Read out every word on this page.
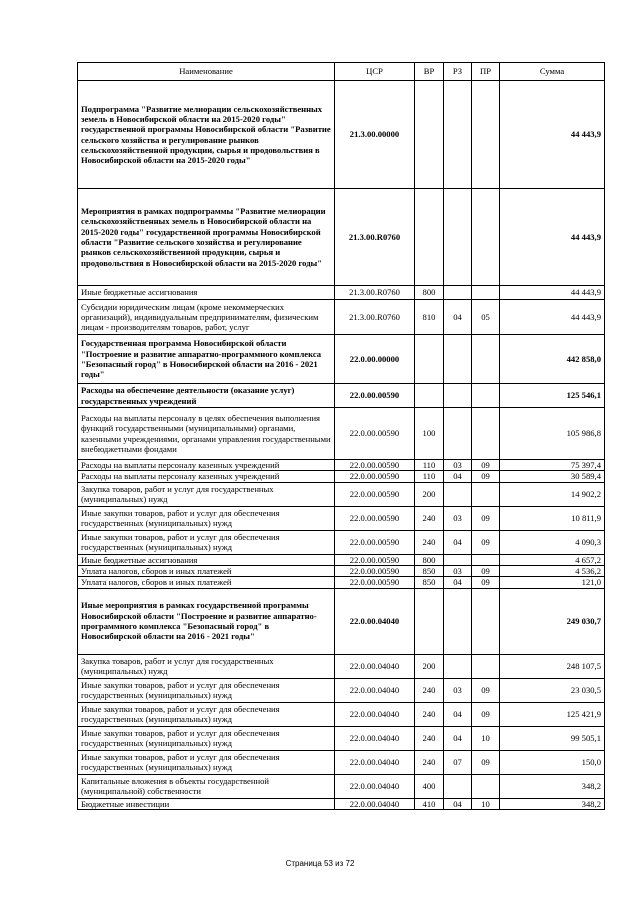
Наименование	ЦСР	ВР	РЗ	ПР	Сумма
Подпрограмма "Развитие мелиорации сельскохозяйственных земель в Новосибирской области на 2015-2020 годы" государственной программы Новосибирской области "Развитие сельского хозяйства и регулирование рынков сельскохозяйственной продукции, сырья и продовольствия в Новосибирской области на 2015-2020 годы"	21.3.00.00000				44 443,9
Мероприятия в рамках подпрограммы "Развитие мелиорации сельскохозяйственных земель в Новосибирской области на 2015-2020 годы" государственной программы Новосибирской области "Развитие сельского хозяйства и регулирование рынков сельскохозяйственной продукции, сырья и продовольствия в Новосибирской области на 2015-2020 годы"	21.3.00.R0760				44 443,9
Иные бюджетные ассигнования	21.3.00.R0760	800			44 443,9
Субсидии юридическим лицам (кроме некоммерческих организаций), индивидуальным предпринимателям, физическим лицам - производителям товаров, работ, услуг	21.3.00.R0760	810	04	05	44 443,9
Государственная программа Новосибирской области "Построение и развитие аппаратно-программного комплекса "Безопасный город" в Новосибирской области на 2016 - 2021 годы"	22.0.00.00000				442 858,0
Расходы на обеспечение деятельности (оказание услуг) государственных учреждений	22.0.00.00590				125 546,1
Расходы на выплаты персоналу в целях обеспечения выполнения функций государственными (муниципальными) органами, казенными учреждениями, органами управления государственными внебюджетными фондами	22.0.00.00590	100			105 986,8
Расходы на выплаты персоналу казенных учреждений	22.0.00.00590	110	03	09	75 397,4
Расходы на выплаты персоналу казенных учреждений	22.0.00.00590	110	04	09	30 589,4
Закупка товаров, работ и услуг для государственных (муниципальных) нужд	22.0.00.00590	200			14 902,2
Иные закупки товаров, работ и услуг для обеспечения государственных (муниципальных) нужд	22.0.00.00590	240	03	09	10 811,9
Иные закупки товаров, работ и услуг для обеспечения государственных (муниципальных) нужд	22.0.00.00590	240	04	09	4 090,3
Иные бюджетные ассигнования	22.0.00.00590	800			4 657,2
Уплата налогов, сборов и иных платежей	22.0.00.00590	850	03	09	4 536,2
Уплата налогов, сборов и иных платежей	22.0.00.00590	850	04	09	121,0
Иные мероприятия в рамках государственной программы Новосибирской области "Построение и развитие аппаратно-программного комплекса "Безопасный город" в Новосибирской области на 2016 - 2021 годы"	22.0.00.04040				249 030,7
Закупка товаров, работ и услуг для государственных (муниципальных) нужд	22.0.00.04040	200			248 107,5
Иные закупки товаров, работ и услуг для обеспечения государственных (муниципальных) нужд	22.0.00.04040	240	03	09	23 030,5
Иные закупки товаров, работ и услуг для обеспечения государственных (муниципальных) нужд	22.0.00.04040	240	04	09	125 421,9
Иные закупки товаров, работ и услуг для обеспечения государственных (муниципальных) нужд	22.0.00.04040	240	04	10	99 505,1
Иные закупки товаров, работ и услуг для обеспечения государственных (муниципальных) нужд	22.0.00.04040	240	07	09	150,0
Капитальные вложения в объекты государственной (муниципальной) собственности	22.0.00.04040	400			348,2
Бюджетные инвестиции	22.0.00.04040	410	04	10	348,2
Страница 53 из 72
